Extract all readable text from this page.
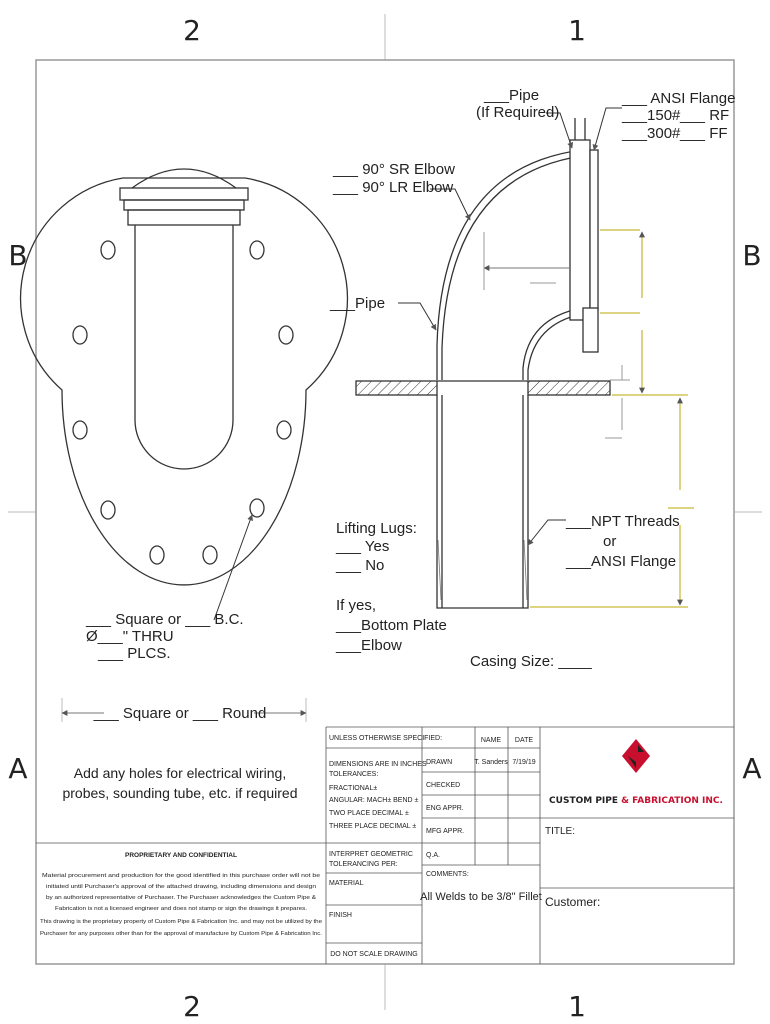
2	1
2	1
B	B
A	A
___ Square or ___ B.C.
Ø___" THRU
___ PLCS.
___ Square or ___ Round
Add any holes for electrical wiring,
probes, sounding tube, etc. if required
___Pipe
(If Required)
___ ANSI Flange
___150# ___ RF
___300# ___ FF
___ 90° SR Elbow
___ 90° LR Elbow
___Pipe
Lifting Lugs:
___ Yes
___ No
If yes,
___Bottom Plate
___Elbow
___NPT Threads
or
___ANSI Flange
Casing Size: ____
UNLESS OTHERWISE SPECIFIED:
DIMENSIONS ARE IN INCHES
TOLERANCES:
FRACTIONAL±
ANGULAR: MACH± BEND ±
TWO PLACE DECIMAL ±
THREE PLACE DECIMAL ±
INTERPRET GEOMETRIC
TOLERANCING PER:
MATERIAL
FINISH
DO NOT SCALE DRAWING
NAME DATE
DRAWN	T. Sanders 7/19/19
CHECKED
ENG APPR.
MFG APPR.
Q.A.
COMMENTS:
All Welds to be 3/8" Fillet
CUSTOM PIPE & FABRICATION INC.
TITLE:
Customer:
PROPRIETARY AND CONFIDENTIAL
Material procurement and production for the good identified in this purchase order will not be
initiated until Purchaser's approval of the attached drawing, including dimensions and design
by an authorized representative of Purchaser. The Purchaser acknowledges the Custom Pipe &
Fabrication is not a licensed engineer and does not stamp or sign the drawings it prepares.
This drawing is the proprietary property of Custom Pipe & Fabrication Inc. and may not be utilized by the
Purchaser for any purposes other than for the approval of manufacture by Custom Pipe & Fabrication Inc.
